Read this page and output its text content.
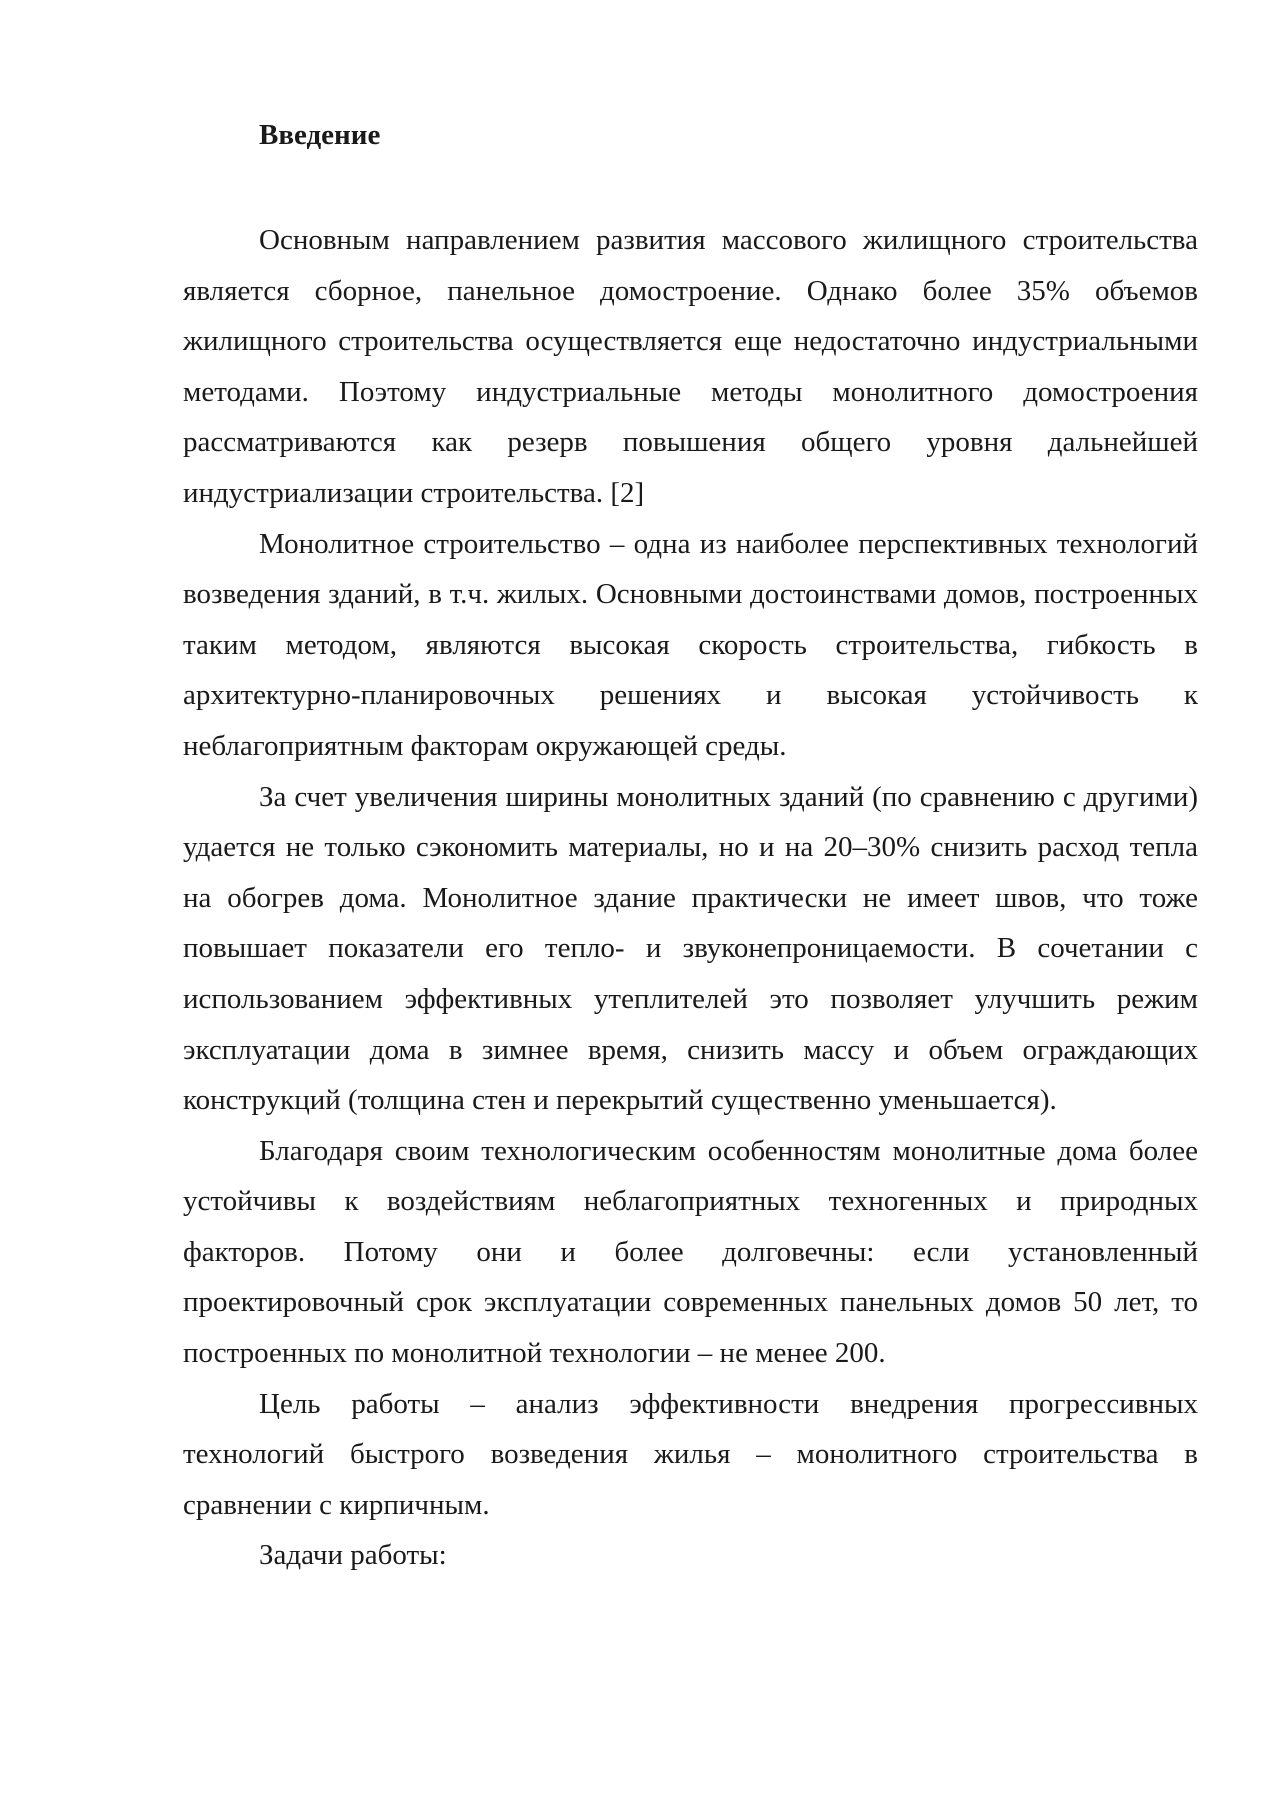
Введение

Основным направлением развития массового жилищного строительства является сборное, панельное домостроение. Однако более 35% объемов жилищного строительства осуществляется еще недостаточно индустриальными методами. Поэтому индустриальные методы монолитного домостроения рассматриваются как резерв повышения общего уровня дальнейшей индустриализации строительства. [2]

Монолитное строительство – одна из наиболее перспективных технологий возведения зданий, в т.ч. жилых. Основными достоинствами домов, построенных таким методом, являются высокая скорость строительства, гибкость в архитектурно-планировочных решениях и высокая устойчивость к неблагоприятным факторам окружающей среды.

За счет увеличения ширины монолитных зданий (по сравнению с другими) удается не только сэкономить материалы, но и на 20–30% снизить расход тепла на обогрев дома. Монолитное здание практически не имеет швов, что тоже повышает показатели его тепло- и звуконепроницаемости. В сочетании с использованием эффективных утеплителей это позволяет улучшить режим эксплуатации дома в зимнее время, снизить массу и объем ограждающих конструкций (толщина стен и перекрытий существенно уменьшается).

Благодаря своим технологическим особенностям монолитные дома более устойчивы к воздействиям неблагоприятных техногенных и природных факторов. Потому они и более долговечны: если установленный проектировочный срок эксплуатации современных панельных домов 50 лет, то построенных по монолитной технологии – не менее 200.

Цель работы – анализ эффективности внедрения прогрессивных технологий быстрого возведения жилья – монолитного строительства в сравнении с кирпичным.

Задачи работы:
